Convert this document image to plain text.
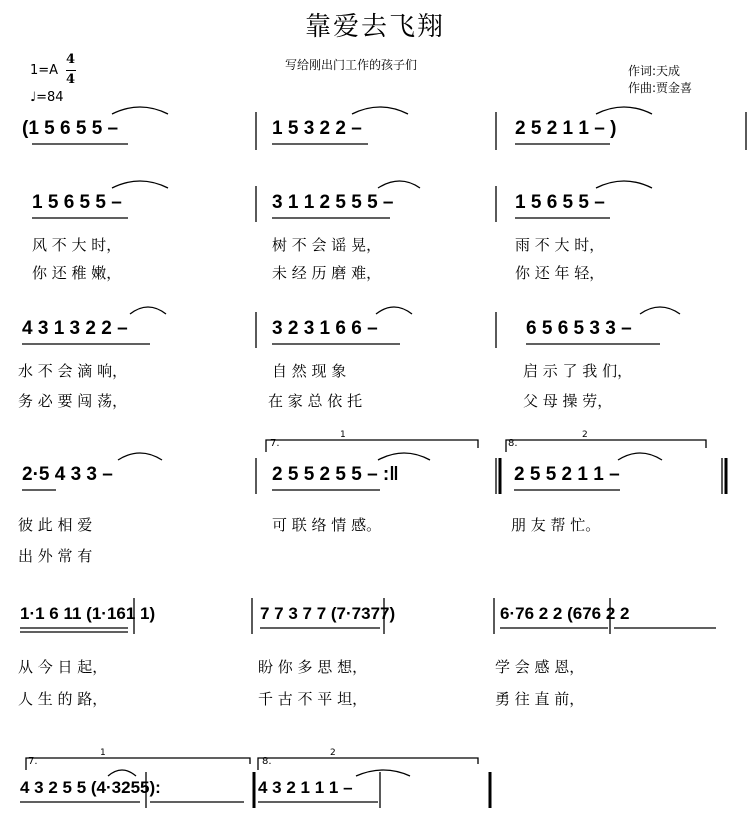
靠爱去飞翔
写给刚出门工作的孩子们	作词:天成
作曲:贾金喜
1=A
4
4
♩=84
(1 5 6 5 5 –	1 5 3 2 2 –	2 5 2 1 1 – )
1 5 6 5 5 –	3 1 1 2 5 5 5 –	1 5 6 5 5 –
风 不 大 时，	树 不 会 谣 晃，	雨 不 大 时，
你 还 稚 嫩，	未 经 历 磨 难，	你 还 年 轻，
4 3 1 3 2 2 –	3 2 3 1 6 6 –	6 5 6 5 3 3 –
水 不 会 滴 响，	自 然 现 象	启 示 了 我 们，
务 必 要 闯 荡，	在 家 总 依 托	父 母 操 劳，
7.
1
8.
2
2·5 4 3 3 –	2 5 5 2 5 5 – :‖	2 5 5 2 1 1 –
彼 此 相 爱	可 联 络 情 感。	朋 友 帮 忙。
出 外 常 有
1·1 6 11 (1·161 1)	7 7 3 7 7 (7·7377)	6·76 2 2 (676 2 2
从 今 日 起，	盼 你 多 思 想，	学 会 感 恩，
人 生 的 路，	千 古 不 平 坦，	勇 往 直 前，
7.
1
8.
2
4 3 2 5 5 (4·3255):	4 3 2 1 1 1 –
